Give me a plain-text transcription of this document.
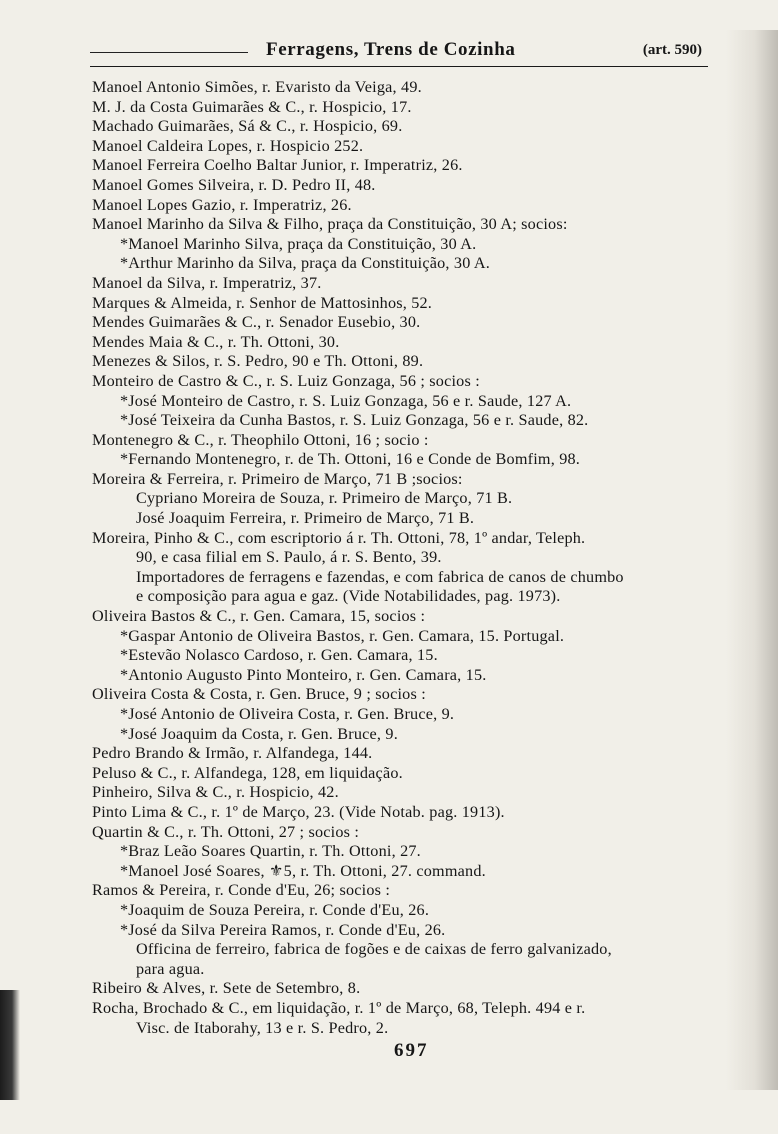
Ferragens, Trens de Cozinha	(art. 590)
Manoel Antonio Simões, r. Evaristo da Veiga, 49.
M. J. da Costa Guimarães & C., r. Hospicio, 17.
Machado Guimarães, Sá & C., r. Hospicio, 69.
Manoel Caldeira Lopes, r. Hospicio 252.
Manoel Ferreira Coelho Baltar Junior, r. Imperatriz, 26.
Manoel Gomes Silveira, r. D. Pedro II, 48.
Manoel Lopes Gazio, r. Imperatriz, 26.
Manoel Marinho da Silva & Filho, praça da Constituição, 30 A; socios:
*Manoel Marinho Silva, praça da Constituição, 30 A.
*Arthur Marinho da Silva, praça da Constituição, 30 A.
Manoel da Silva, r. Imperatriz, 37.
Marques & Almeida, r. Senhor de Mattosinhos, 52.
Mendes Guimarães & C., r. Senador Eusebio, 30.
Mendes Maia & C., r. Th. Ottoni, 30.
Menezes & Silos, r. S. Pedro, 90 e Th. Ottoni, 89.
Monteiro de Castro & C., r. S. Luiz Gonzaga, 56 ; socios :
*José Monteiro de Castro, r. S. Luiz Gonzaga, 56 e r. Saude, 127 A.
*José Teixeira da Cunha Bastos, r. S. Luiz Gonzaga, 56 e r. Saude, 82.
Montenegro & C., r. Theophilo Ottoni, 16 ; socio :
*Fernando Montenegro, r. de Th. Ottoni, 16 e Conde de Bomfim, 98.
Moreira & Ferreira, r. Primeiro de Março, 71 B ;socios:
Cypriano Moreira de Souza, r. Primeiro de Março, 71 B.
José Joaquim Ferreira, r. Primeiro de Março, 71 B.
Moreira, Pinho & C., com escriptorio á r. Th. Ottoni, 78, 1º andar, Teleph.
90, e casa filial em S. Paulo, á r. S. Bento, 39.
Importadores de ferragens e fazendas, e com fabrica de canos de chumbo
e composição para agua e gaz. (Vide Notabilidades, pag. 1973).
Oliveira Bastos & C., r. Gen. Camara, 15, socios :
*Gaspar Antonio de Oliveira Bastos, r. Gen. Camara, 15. Portugal.
*Estevão Nolasco Cardoso, r. Gen. Camara, 15.
*Antonio Augusto Pinto Monteiro, r. Gen. Camara, 15.
Oliveira Costa & Costa, r. Gen. Bruce, 9 ; socios :
*José Antonio de Oliveira Costa, r. Gen. Bruce, 9.
*José Joaquim da Costa, r. Gen. Bruce, 9.
Pedro Brando & Irmão, r. Alfandega, 144.
Peluso & C., r. Alfandega, 128, em liquidação.
Pinheiro, Silva & C., r. Hospicio, 42.
Pinto Lima & C., r. 1º de Março, 23. (Vide Notab. pag. 1913).
Quartin & C., r. Th. Ottoni, 27 ; socios :
*Braz Leão Soares Quartin, r. Th. Ottoni, 27.
*Manoel José Soares, ⚜5, r. Th. Ottoni, 27. command.
Ramos & Pereira, r. Conde d'Eu, 26; socios :
*Joaquim de Souza Pereira, r. Conde d'Eu, 26.
*José da Silva Pereira Ramos, r. Conde d'Eu, 26.
Officina de ferreiro, fabrica de fogões e de caixas de ferro galvanizado,
para agua.
Ribeiro & Alves, r. Sete de Setembro, 8.
Rocha, Brochado & C., em liquidação, r. 1º de Março, 68, Teleph. 494 e r.
Visc. de Itaborahy, 13 e r. S. Pedro, 2.
697
